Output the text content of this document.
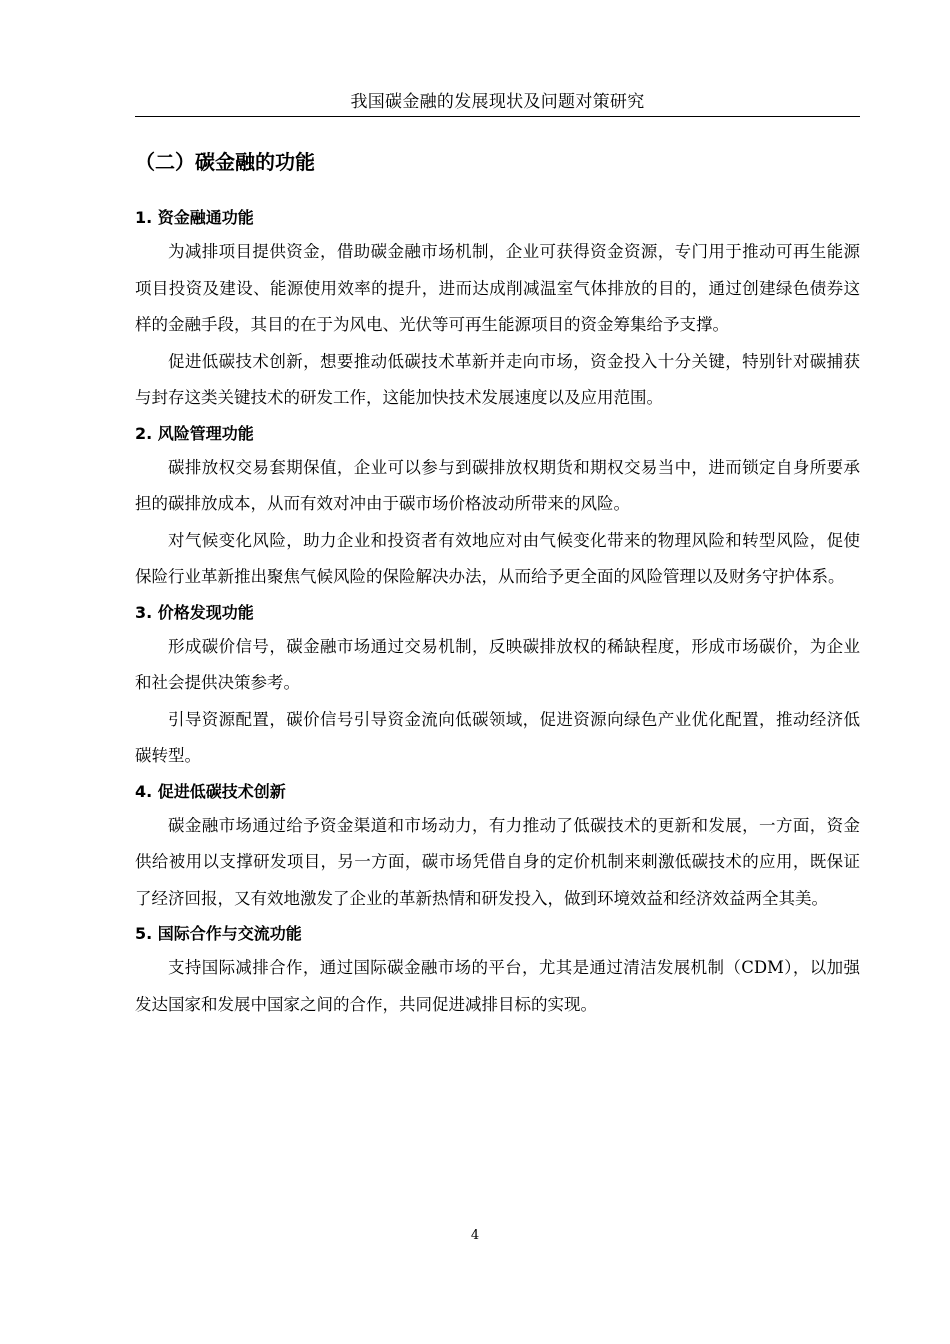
我国碳金融的发展现状及问题对策研究
（二）碳金融的功能
1. 资金融通功能

为减排项目提供资金，借助碳金融市场机制，企业可获得资金资源，专门用于推动可再生能源项目投资及建设、能源使用效率的提升，进而达成削减温室气体排放的目的，通过创建绿色债券这样的金融手段，其目的在于为风电、光伏等可再生能源项目的资金筹集给予支撑。

促进低碳技术创新，想要推动低碳技术革新并走向市场，资金投入十分关键，特别针对碳捕获与封存这类关键技术的研发工作，这能加快技术发展速度以及应用范围。

2. 风险管理功能

碳排放权交易套期保值，企业可以参与到碳排放权期货和期权交易当中，进而锁定自身所要承担的碳排放成本，从而有效对冲由于碳市场价格波动所带来的风险。

对气候变化风险，助力企业和投资者有效地应对由气候变化带来的物理风险和转型风险，促使保险行业革新推出聚焦气候风险的保险解决办法，从而给予更全面的风险管理以及财务守护体系。

3. 价格发现功能

形成碳价信号，碳金融市场通过交易机制，反映碳排放权的稀缺程度，形成市场碳价，为企业和社会提供决策参考。

引导资源配置，碳价信号引导资金流向低碳领域，促进资源向绿色产业优化配置，推动经济低碳转型。

4. 促进低碳技术创新

碳金融市场通过给予资金渠道和市场动力，有力推动了低碳技术的更新和发展，一方面，资金供给被用以支撑研发项目，另一方面，碳市场凭借自身的定价机制来刺激低碳技术的应用，既保证了经济回报，又有效地激发了企业的革新热情和研发投入，做到环境效益和经济效益两全其美。

5. 国际合作与交流功能

支持国际减排合作，通过国际碳金融市场的平台，尤其是通过清洁发展机制（CDM），以加强发达国家和发展中国家之间的合作，共同促进减排目标的实现。

4
